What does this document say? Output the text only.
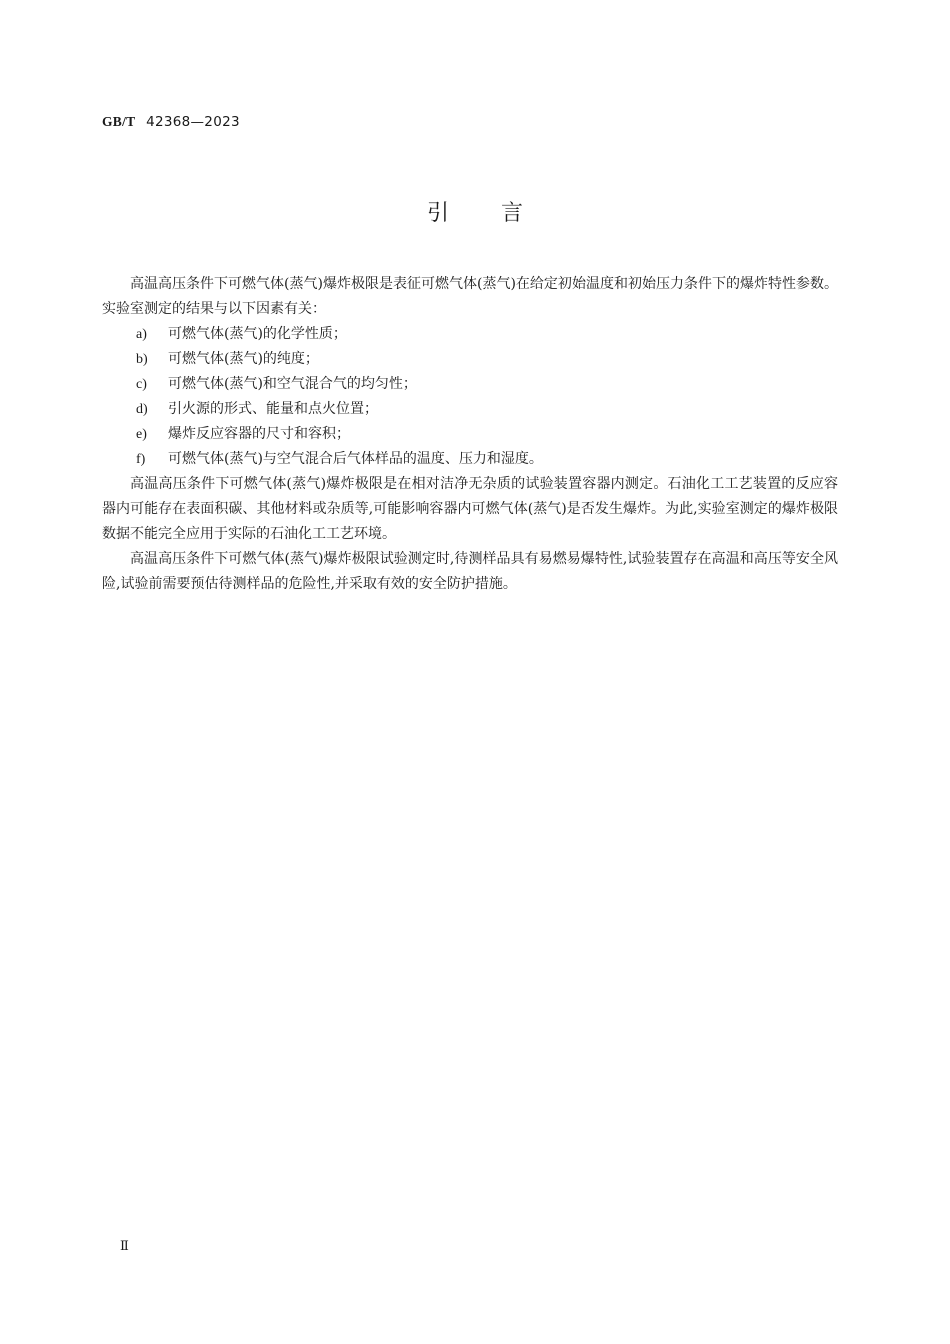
GB/T 42368—2023
引言

高温高压条件下可燃气体(蒸气)爆炸极限是表征可燃气体(蒸气)在给定初始温度和初始压力条件下的爆炸特性参数。实验室测定的结果与以下因素有关：

a) 可燃气体(蒸气)的化学性质；

b) 可燃气体(蒸气)的纯度；

c) 可燃气体(蒸气)和空气混合气的均匀性；

d) 引火源的形式、能量和点火位置；

e) 爆炸反应容器的尺寸和容积；

f) 可燃气体(蒸气)与空气混合后气体样品的温度、压力和湿度。

高温高压条件下可燃气体(蒸气)爆炸极限是在相对洁净无杂质的试验装置容器内测定。石油化工工艺装置的反应容器内可能存在表面积碳、其他材料或杂质等,可能影响容器内可燃气体(蒸气)是否发生爆炸。为此,实验室测定的爆炸极限数据不能完全应用于实际的石油化工工艺环境。

高温高压条件下可燃气体(蒸气)爆炸极限试验测定时,待测样品具有易燃易爆特性,试验装置存在高温和高压等安全风险,试验前需要预估待测样品的危险性,并采取有效的安全防护措施。

Ⅱ
